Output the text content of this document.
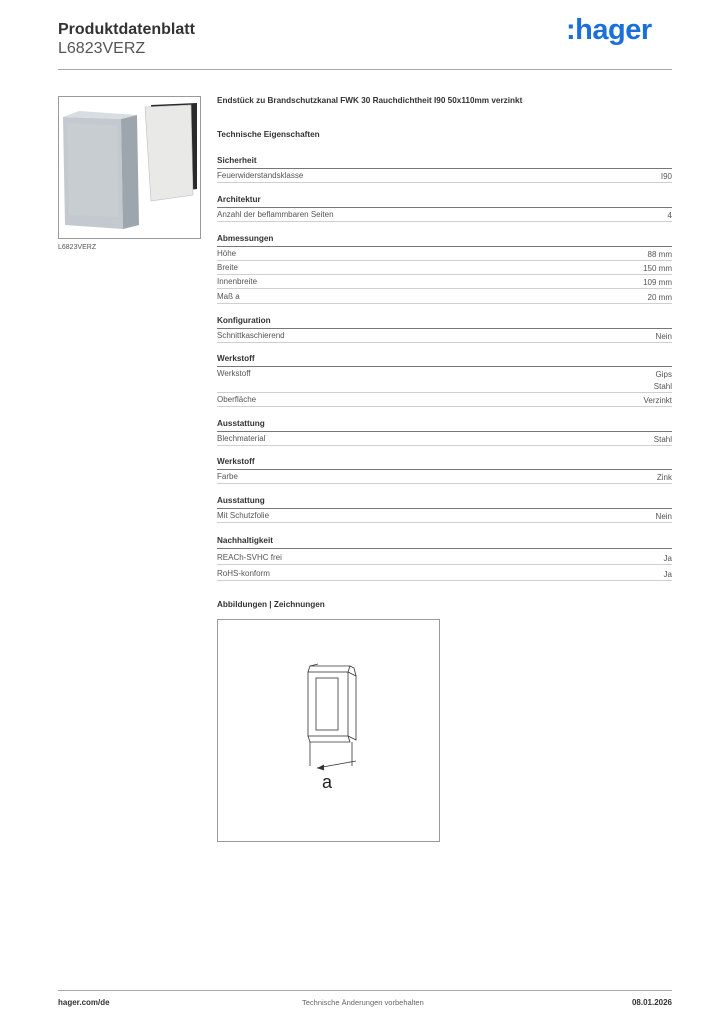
Produktdatenblatt
L6823VERZ
:hager
L6823VERZ
Endstück zu Brandschutzkanal FWK 30 Rauchdichtheit I90 50x110mm verzinkt
Technische Eigenschaften
Sicherheit
Feuerwiderstandsklasse	I90
Architektur
Anzahl der beflammbaren Seiten	4
Abmessungen
Höhe	88 mm
Breite	150 mm
Innenbreite	109 mm
Maß a	20 mm
Konfiguration
Schnittkaschierend	Nein
Werkstoff
Werkstoff	Gips
Stahl
Oberfläche	Verzinkt
Ausstattung
Blechmaterial	Stahl
Werkstoff
Farbe	Zink
Ausstattung
Mit Schutzfolie	Nein
Nachhaltigkeit
REACh-SVHC frei	Ja
RoHS-konform	Ja
Abbildungen | Zeichnungen
a
hager.com/de	Technische Änderungen vorbehalten	08.01.2026
